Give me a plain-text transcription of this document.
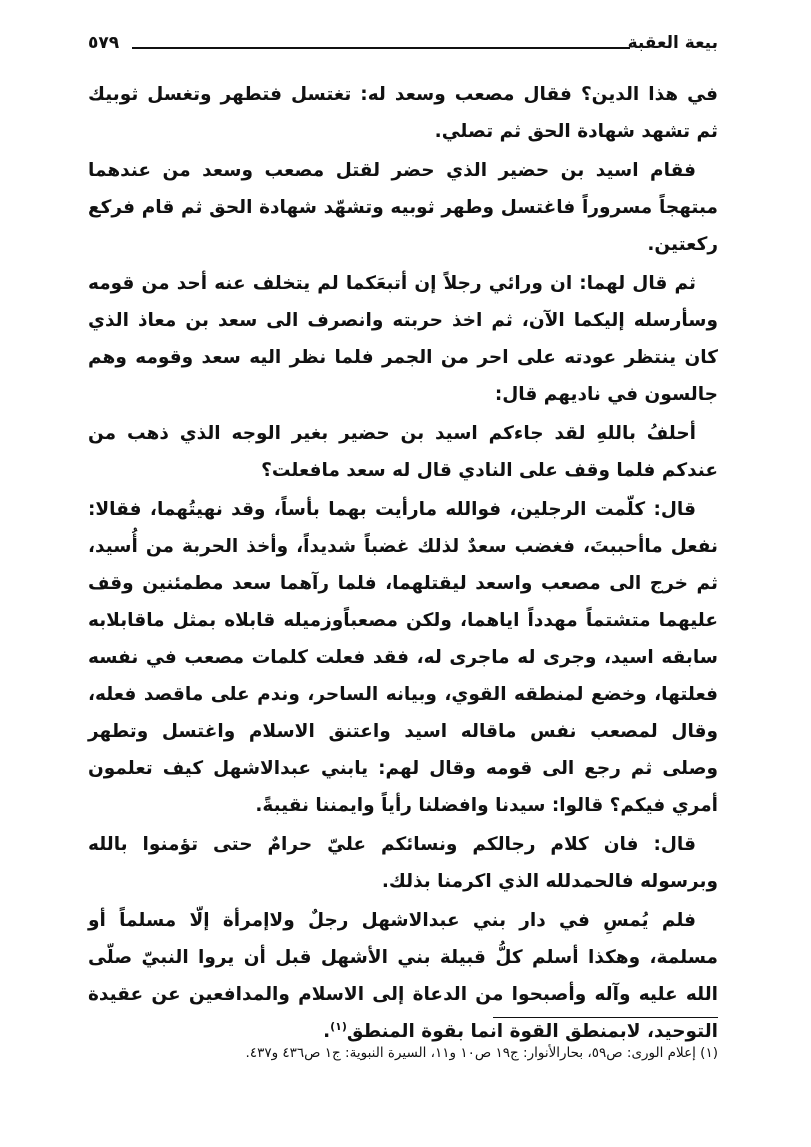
بيعة العقبة
٥٧٩

في هذا الدين؟ فقال مصعب وسعد له: تغتسل فتطهر وتغسل ثوبيك ثم تشهد شهادة الحق ثم تصلي.

فقام اسيد بن حضير الذي حضر لقتل مصعب وسعد من عندهما مبتهجاً مسروراً فاغتسل وطهر ثوبيه وتشهّد شهادة الحق ثم قام فركع ركعتين.

ثم قال لهما: ان ورائي رجلاً إن أتبعَكما لم يتخلف عنه أحد من قومه وسأرسله إليكما الآن، ثم اخذ حربته وانصرف الى سعد بن معاذ الذي كان ينتظر عودته على احر من الجمر فلما نظر اليه سعد وقومه وهم جالسون في ناديهم قال:

أحلفُ باللهِ لقد جاءكم اسيد بن حضير بغير الوجه الذي ذهب من عندكم فلما وقف على النادي قال له سعد مافعلت؟

قال: كلّمت الرجلين، فوالله مارأيت بهما بأساً، وقد نهيتُهما، فقالا: نفعل ماأحببتَ، فغضب سعدٌ لذلك غضباً شديداً، وأخذ الحربة من أُسيد، ثم خرج الى مصعب واسعد ليقتلهما، فلما رآهما سعد مطمئنين وقف عليهما متشتماً مهدداً اياهما، ولكن مصعباًوزميله قابلاه بمثل ماقابلابه سابقه اسيد، وجرى له ماجرى له، فقد فعلت كلمات مصعب في نفسه فعلتها، وخضع لمنطقه القوي، وبيانه الساحر، وندم على ماقصد فعله، وقال لمصعب نفس ماقاله اسيد واعتنق الاسلام واغتسل وتطهر وصلى ثم رجع الى قومه وقال لهم: يابني عبدالاشهل كيف تعلمون أمري فيكم؟ قالوا: سيدنا وافضلنا رأياً وايمننا نقيبةً.

قال: فان كلام رجالكم ونسائكم عليّ حرامٌ حتى تؤمنوا بالله وبرسوله فالحمدلله الذي اكرمنا بذلك.

فلم يُمسِ في دار بني عبدالاشهل رجلٌ ولاإمرأة إلّا مسلماً أو مسلمة، وهكذا أسلم كلُّ قبيلة بني الأشهل قبل أن يروا النبيّ صلّى الله عليه وآله وأصبحوا من الدعاة إلى الاسلام والمدافعين عن عقيدة التوحيد، لابمنطق القوة انما بقوة المنطق$^{(١)}$.

(١) إعلام الورى: ص٥٩، بحارالأنوار: ج١٩ ص١٠ و١١، السيرة النبوية: ج١ ص٤٣٦ و٤٣٧.
